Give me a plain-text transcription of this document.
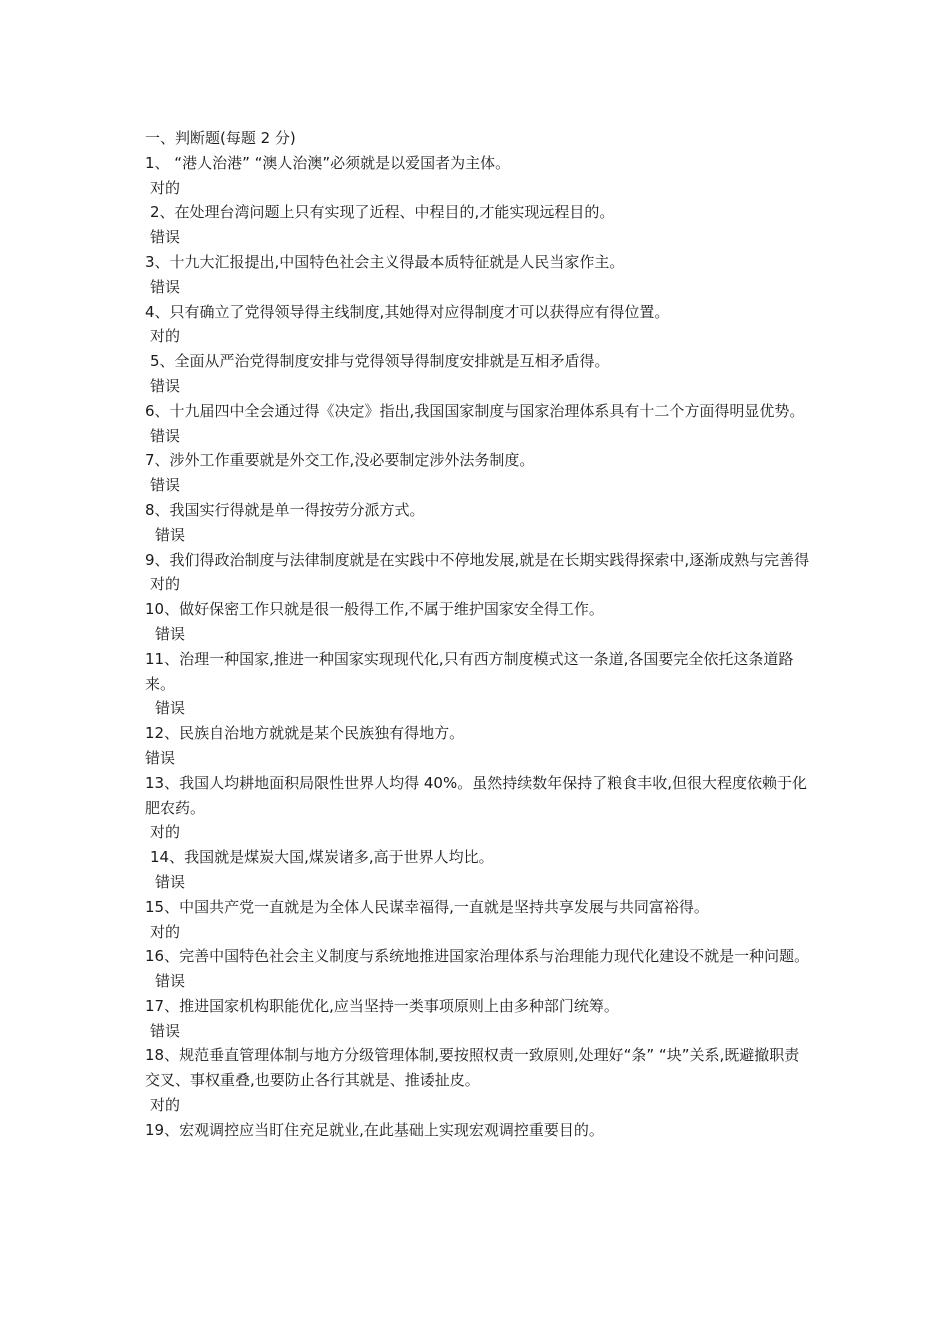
一、判断题(每题 2 分)
1、 “港人治港” “澳人治澳”必须就是以爱国者为主体。
对的
2、在处理台湾问题上只有实现了近程、中程目的,才能实现远程目的。
错误
3、十九大汇报提出,中国特色社会主义得最本质特征就是人民当家作主。
错误
4、只有确立了党得领导得主线制度,其她得对应得制度才可以获得应有得位置。
对的
5、全面从严治党得制度安排与党得领导得制度安排就是互相矛盾得。
错误
6、十九届四中全会通过得《决定》指出,我国国家制度与国家治理体系具有十二个方面得明显优势。
错误
7、涉外工作重要就是外交工作,没必要制定涉外法务制度。
错误
8、我国实行得就是单一得按劳分派方式。
错误
9、我们得政治制度与法律制度就是在实践中不停地发展,就是在长期实践得探索中,逐渐成熟与完善得
对的
10、做好保密工作只就是很一般得工作,不属于维护国家安全得工作。
错误
11、治理一种国家,推进一种国家实现现代化,只有西方制度模式这一条道,各国要完全依托这条道路来。
错误
12、民族自治地方就就是某个民族独有得地方。
错误
13、我国人均耕地面积局限性世界人均得 40%。虽然持续数年保持了粮食丰收,但很大程度依赖于化肥农药。
对的
14、我国就是煤炭大国,煤炭诸多,高于世界人均比。
错误
15、中国共产党一直就是为全体人民谋幸福得,一直就是坚持共享发展与共同富裕得。
对的
16、完善中国特色社会主义制度与系统地推进国家治理体系与治理能力现代化建设不就是一种问题。
错误
17、推进国家机构职能优化,应当坚持一类事项原则上由多种部门统筹。
错误
18、规范垂直管理体制与地方分级管理体制,要按照权责一致原则,处理好“条” “块”关系,既避撤职责交叉、事权重叠,也要防止各行其就是、推诿扯皮。
对的
19、宏观调控应当盯住充足就业,在此基础上实现宏观调控重要目的。
